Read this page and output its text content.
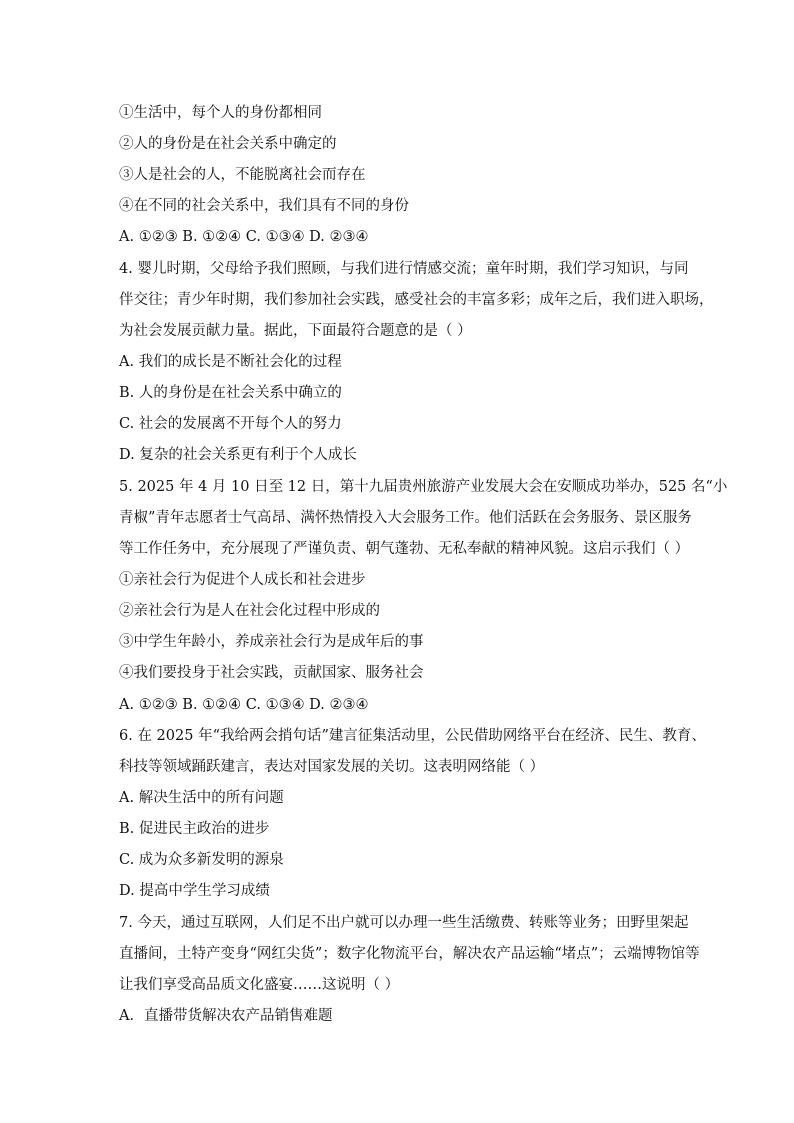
①生活中，每个人的身份都相同
②人的身份是在社会关系中确定的
③人是社会的人，不能脱离社会而存在
④在不同的社会关系中，我们具有不同的身份
A. ①②③ B. ①②④ C. ①③④ D. ②③④
4. 婴儿时期，父母给予我们照顾，与我们进行情感交流；童年时期，我们学习知识，与同
伴交往；青少年时期，我们参加社会实践，感受社会的丰富多彩；成年之后，我们进入职场，
为社会发展贡献力量。据此，下面最符合题意的是（ ）
A. 我们的成长是不断社会化的过程
B. 人的身份是在社会关系中确立的
C. 社会的发展离不开每个人的努力
D. 复杂的社会关系更有利于个人成长
5. 2025 年 4 月 10 日至 12 日，第十九届贵州旅游产业发展大会在安顺成功举办，525 名“小
青椒”青年志愿者士气高昂、满怀热情投入大会服务工作。他们活跃在会务服务、景区服务
等工作任务中，充分展现了严谨负责、朝气蓬勃、无私奉献的精神风貌。这启示我们（ ）
①亲社会行为促进个人成长和社会进步
②亲社会行为是人在社会化过程中形成的
③中学生年龄小，养成亲社会行为是成年后的事
④我们要投身于社会实践，贡献国家、服务社会
A. ①②③ B. ①②④ C. ①③④ D. ②③④
6. 在 2025 年“我给两会捎句话”建言征集活动里，公民借助网络平台在经济、民生、教育、
科技等领域踊跃建言，表达对国家发展的关切。这表明网络能（ ）
A. 解决生活中的所有问题
B. 促进民主政治的进步
C. 成为众多新发明的源泉
D. 提高中学生学习成绩
7. 今天，通过互联网，人们足不出户就可以办理一些生活缴费、转账等业务；田野里架起
直播间，土特产变身“网红尖货”；数字化物流平台，解决农产品运输“堵点”；云端博物馆等
让我们享受高品质文化盛宴……这说明（ ）
A．直播带货解决农产品销售难题
